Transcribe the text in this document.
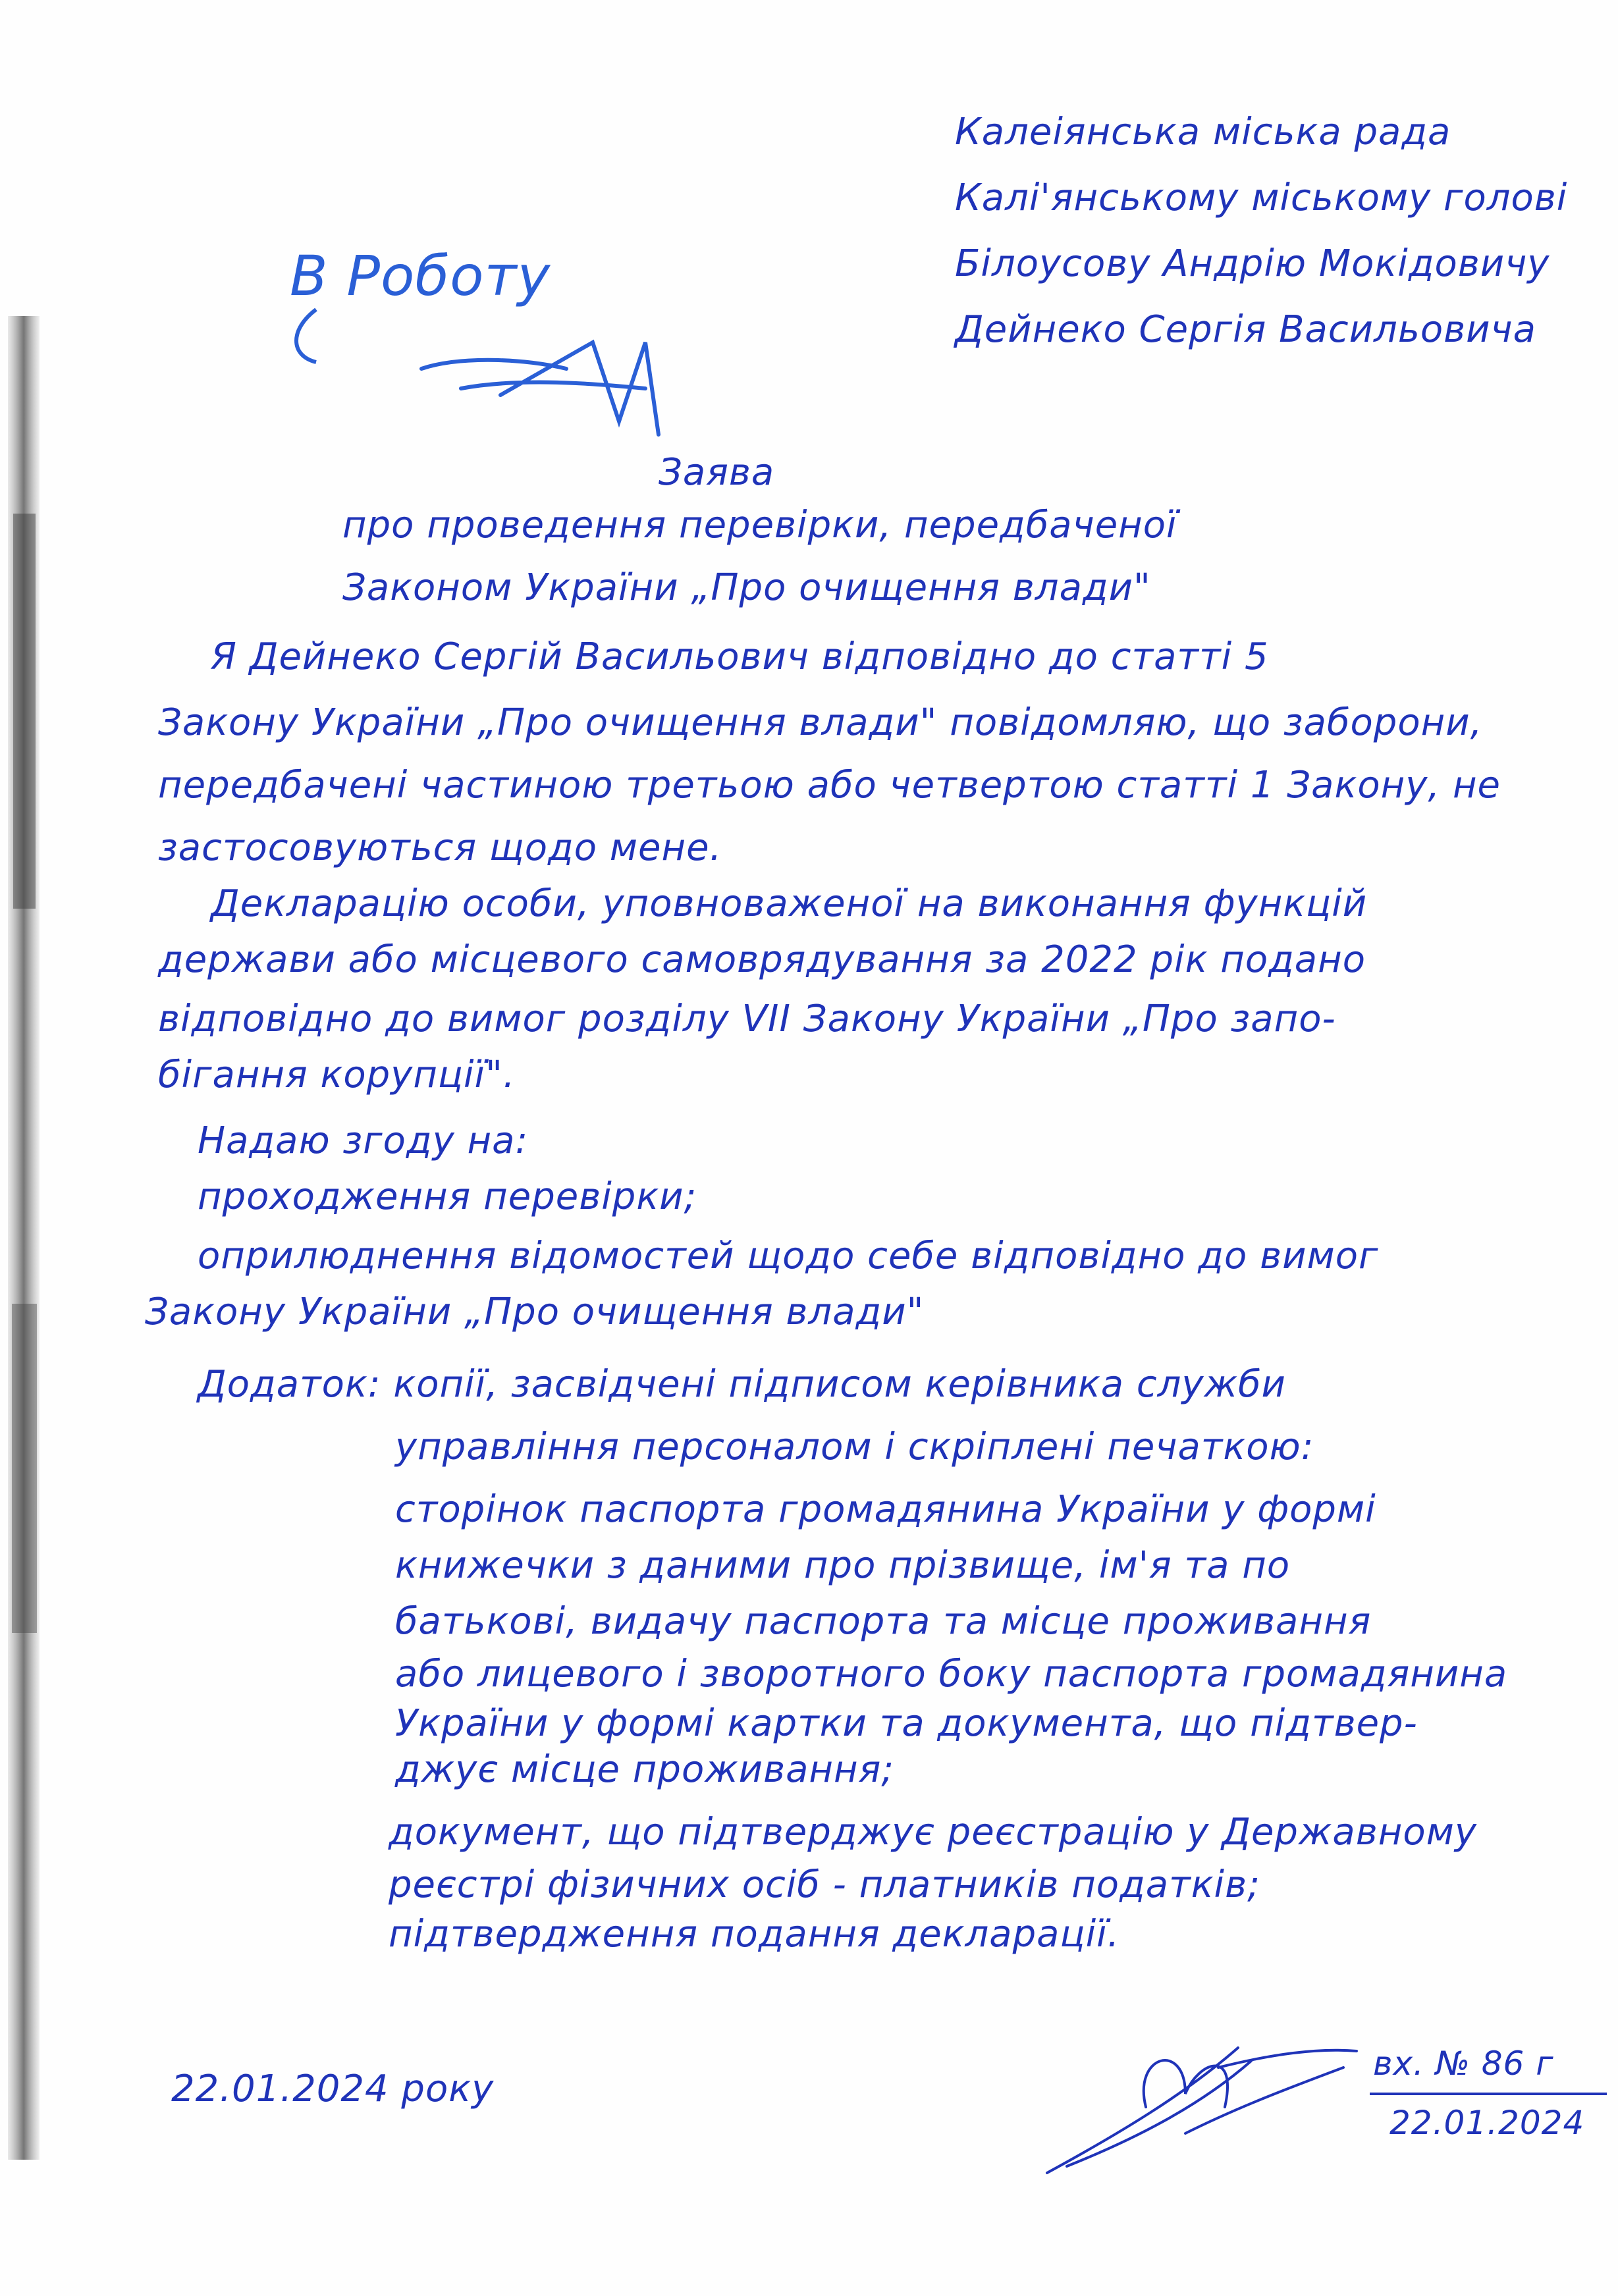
В Роботу
Калеіянська міська рада
Калі'янському міському голові
Білоусову Андрію Мокідовичу
Дейнеко Сергія Васильовича
Заява
про проведення перевірки, передбаченої
Законом України „Про очищення влади"
Я Дейнеко Сергій Васильович відповідно до статті 5
Закону України „Про очищення влади" повідомляю, що заборони,
передбачені частиною третьою або четвертою статті 1 Закону, не
застосовуються щодо мене.
Декларацію особи, уповноваженої на виконання функцій
держави або місцевого самоврядування за 2022 рік подано
відповідно до вимог розділу VII Закону України „Про запо-
бігання корупції".
Надаю згоду на:
проходження перевірки;
оприлюднення відомостей щодо себе відповідно до вимог
Закону України „Про очищення влади"
Додаток: копії, засвідчені підписом керівника служби
управління персоналом і скріплені печаткою:
сторінок паспорта громадянина України у формі
книжечки з даними про прізвище, ім'я та по
батькові, видачу паспорта та місце проживання
або лицевого і зворотного боку паспорта громадянина
України у формі картки та документа, що підтвер-
джує місце проживання;
документ, що підтверджує реєстрацію у Державному
реєстрі фізичних осіб - платників податків;
підтвердження подання декларації.
22.01.2024 року
вх. № 86 г
22.01.2024
